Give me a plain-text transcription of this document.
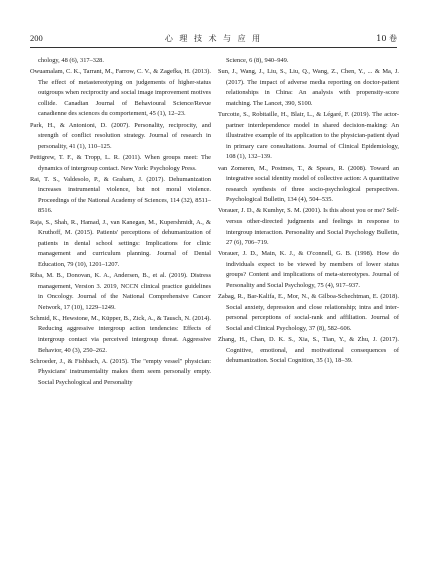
200	心 理 技 术 与 应 用	10 卷

chology, 48 (6), 317–328.

Owuamalam, C. K., Tarrant, M., Farrow, C. V., & Zagefka, H. (2013). The effect of metastereotyping on judgements of higher-status outgroups when reciprocity and social image improvement motives collide. Canadian Journal of Behavioural Science/Revue canadienne des sciences du comportement, 45 (1), 12–23.

Park, H., & Antonioni, D. (2007). Personality, reciprocity, and strength of conflict resolution strategy. Journal of research in personality, 41 (1), 110–125.

Pettigrew, T. F., & Tropp, L. R. (2011). When groups meet: The dynamics of intergroup contact. New York: Psychology Press.

Rai, T. S., Valdesolo, P., & Graham, J. (2017). Dehumanization increases instrumental violence, but not moral violence. Proceedings of the National Academy of Sciences, 114 (32), 8511–8516.

Raja, S., Shah, R., Hamad, J., van Kanegan, M., Kupershmidt, A., & Kruthoff, M. (2015). Patients' perceptions of dehumanization of patients in dental school settings: Implications for clinic management and curriculum planning. Journal of Dental Education, 79 (10), 1201–1207.

Riba, M. B., Donovan, K. A., Andersen, B., et al. (2019). Distress management, Version 3. 2019, NCCN clinical practice guidelines in Oncology. Journal of the National Comprehensive Cancer Network, 17 (10), 1229–1249.

Schmid, K., Hewstone, M., Küpper, B., Zick, A., & Tausch, N. (2014). Reducing aggressive intergroup action tendencies: Effects of intergroup contact via perceived intergroup threat. Aggressive Behavior, 40 (3), 250–262.

Schroeder, J., & Fishbach, A. (2015). The "empty vessel" physician: Physicians' instrumentality makes them seem personally empty. Social Psychological and Personality

Science, 6 (8), 940–949.

Sun, J., Wang, J., Liu, S., Liu, Q., Wang, Z., Chen, Y., ... & Ma, J. (2017). The impact of adverse media reporting on doctor-patient relationships in China: An analysis with propensity-score matching. The Lancet, 390, S100.

Turcotte, S., Robitaille, H., Blair, L., & Légaré, F. (2019). The actor-partner interdependence model in shared decision-making: An illustrative example of its application to the physician-patient dyad in primary care consultations. Journal of Clinical Epidemiology, 108 (1), 132–139.

van Zomeren, M., Postmes, T., & Spears, R. (2008). Toward an integrative social identity model of collective action: A quantitative research synthesis of three socio-psychological perspectives. Psychological Bulletin, 134 (4), 504–535.

Vorauer, J. D., & Kumhyr, S. M. (2001). Is this about you or me? Self-versus other-directed judgments and feelings in response to intergroup interaction. Personality and Social Psychology Bulletin, 27 (6), 706–719.

Vorauer, J. D., Main, K. J., & O'connell, G. B. (1998). How do individuals expect to be viewed by members of lower status groups? Content and implications of meta-stereotypes. Journal of Personality and Social Psychology, 75 (4), 917–937.

Zabag, R., Bar-Kalifa, E., Mor, N., & Gilboa-Schechtman, E. (2018). Social anxiety, depression and close relationship; intra and inter-personal perceptions of social-rank and affiliation. Journal of Social and Clinical Psychology, 37 (8), 582–606.

Zhang, H., Chan, D. K. S., Xia, S., Tian, Y., & Zhu, J. (2017). Cognitive, emotional, and motivational consequences of dehumanization. Social Cognition, 35 (1), 18–39.
